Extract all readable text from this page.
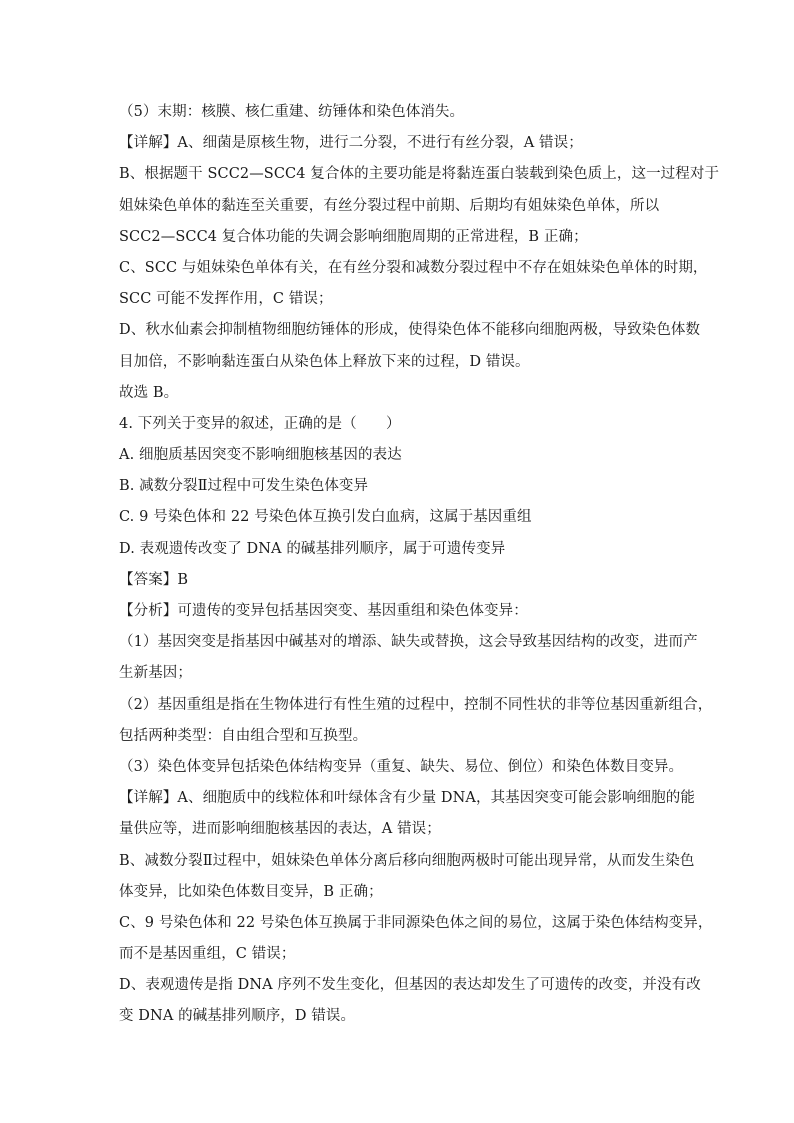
（5）末期：核膜、核仁重建、纺锤体和染色体消失。
【详解】A、细菌是原核生物，进行二分裂，不进行有丝分裂，A 错误；
B、根据题干 SCC2—SCC4 复合体的主要功能是将黏连蛋白装载到染色质上，这一过程对于
姐妹染色单体的黏连至关重要，有丝分裂过程中前期、后期均有姐妹染色单体，所以
SCC2—SCC4 复合体功能的失调会影响细胞周期的正常进程，B 正确；
C、SCC 与姐妹染色单体有关，在有丝分裂和减数分裂过程中不存在姐妹染色单体的时期，
SCC 可能不发挥作用，C 错误；
D、秋水仙素会抑制植物细胞纺锤体的形成，使得染色体不能移向细胞两极，导致染色体数
目加倍，不影响黏连蛋白从染色体上释放下来的过程，D 错误。
故选 B。
4. 下列关于变异的叙述，正确的是（　　）
A. 细胞质基因突变不影响细胞核基因的表达
B. 减数分裂Ⅱ过程中可发生染色体变异
C. 9 号染色体和 22 号染色体互换引发白血病，这属于基因重组
D. 表观遗传改变了 DNA 的碱基排列顺序，属于可遗传变异
【答案】B
【分析】可遗传的变异包括基因突变、基因重组和染色体变异：
（1）基因突变是指基因中碱基对的增添、缺失或替换，这会导致基因结构的改变，进而产
生新基因；
（2）基因重组是指在生物体进行有性生殖的过程中，控制不同性状的非等位基因重新组合，
包括两种类型：自由组合型和互换型。
（3）染色体变异包括染色体结构变异（重复、缺失、易位、倒位）和染色体数目变异。
【详解】A、细胞质中的线粒体和叶绿体含有少量 DNA，其基因突变可能会影响细胞的能
量供应等，进而影响细胞核基因的表达，A 错误；
B、减数分裂Ⅱ过程中，姐妹染色单体分离后移向细胞两极时可能出现异常，从而发生染色
体变异，比如染色体数目变异，B 正确；
C、9 号染色体和 22 号染色体互换属于非同源染色体之间的易位，这属于染色体结构变异，
而不是基因重组，C 错误；
D、表观遗传是指 DNA 序列不发生变化，但基因的表达却发生了可遗传的改变，并没有改
变 DNA 的碱基排列顺序，D 错误。
